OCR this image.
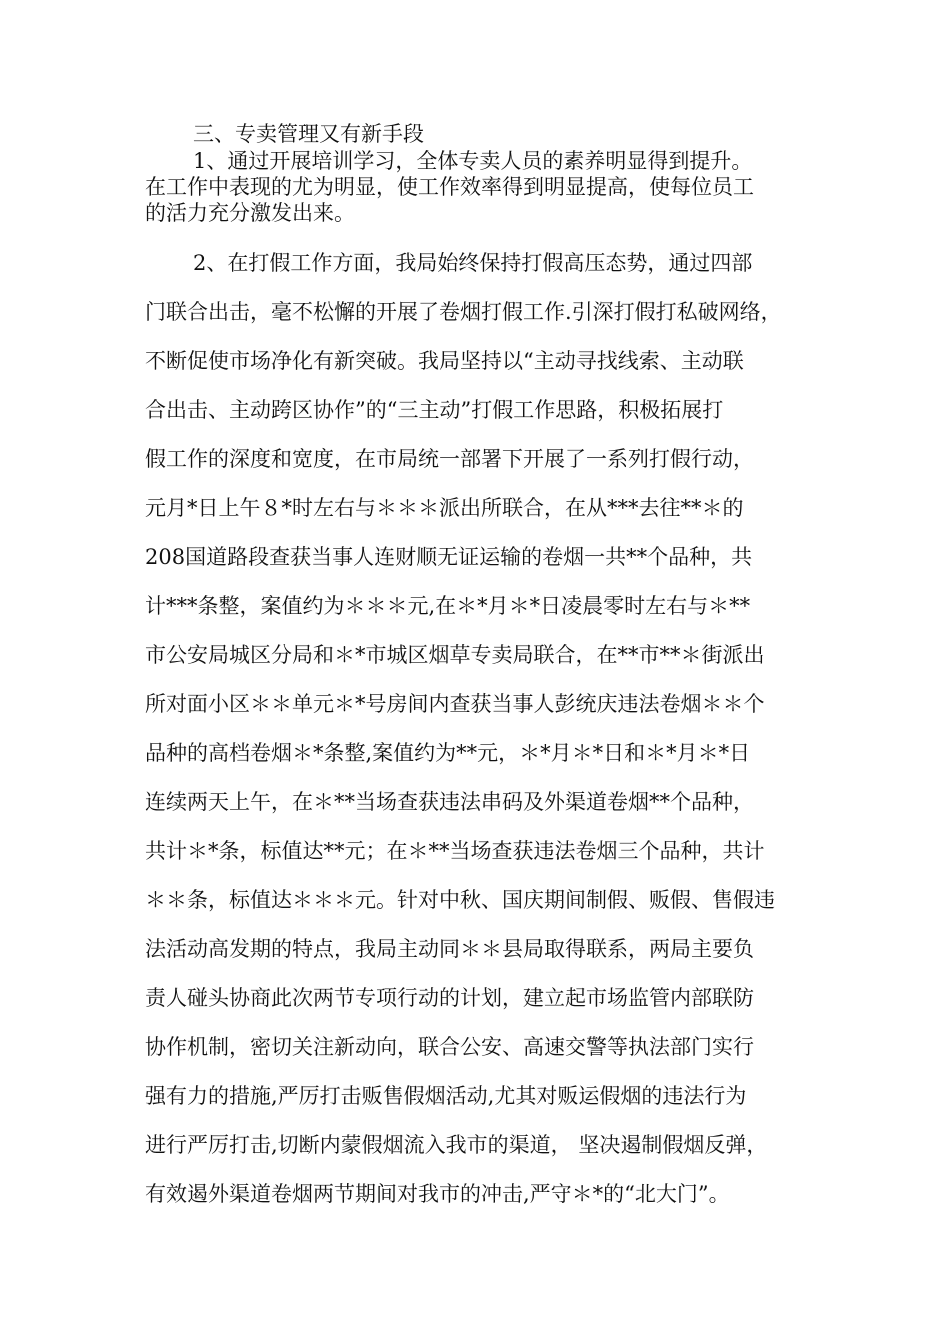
三、专卖管理又有新手段
1、通过开展培训学习，全体专卖人员的素养明显得到提升。
在工作中表现的尤为明显，使工作效率得到明显提高，使每位员工
的活力充分激发出来。
2、在打假工作方面，我局始终保持打假高压态势，通过四部
门联合出击，毫不松懈的开展了卷烟打假工作.引深打假打私破网络，
不断促使市场净化有新突破。我局坚持以“主动寻找线索、主动联
合出击、主动跨区协作”的“三主动”打假工作思路，积极拓展打
假工作的深度和宽度，在市局统一部署下开展了一系列打假行动，
元月*日上午８*时左右与＊＊＊派出所联合，在从***去往**＊的
208国道路段查获当事人连财顺无证运输的卷烟一共**个品种，共
计***条整，案值约为＊＊＊元,在＊*月＊*日凌晨零时左右与＊**
市公安局城区分局和＊*市城区烟草专卖局联合，在**市**＊街派出
所对面小区＊＊单元＊*号房间内查获当事人彭统庆违法卷烟＊＊个
品种的高档卷烟＊*条整,案值约为**元，＊*月＊*日和＊*月＊*日
连续两天上午，在＊**当场查获违法串码及外渠道卷烟**个品种，
共计＊*条，标值达**元；在＊**当场查获违法卷烟三个品种，共计
＊＊条，标值达＊＊＊元。针对中秋、国庆期间制假、贩假、售假违
法活动高发期的特点，我局主动同＊＊县局取得联系，两局主要负
责人碰头协商此次两节专项行动的计划，建立起市场监管内部联防
协作机制，密切关注新动向，联合公安、高速交警等执法部门实行
强有力的措施,严厉打击贩售假烟活动,尤其对贩运假烟的违法行为
进行严厉打击,切断内蒙假烟流入我市的渠道， 坚决遏制假烟反弹，
有效遏外渠道卷烟两节期间对我市的冲击,严守＊*的“北大门”。
